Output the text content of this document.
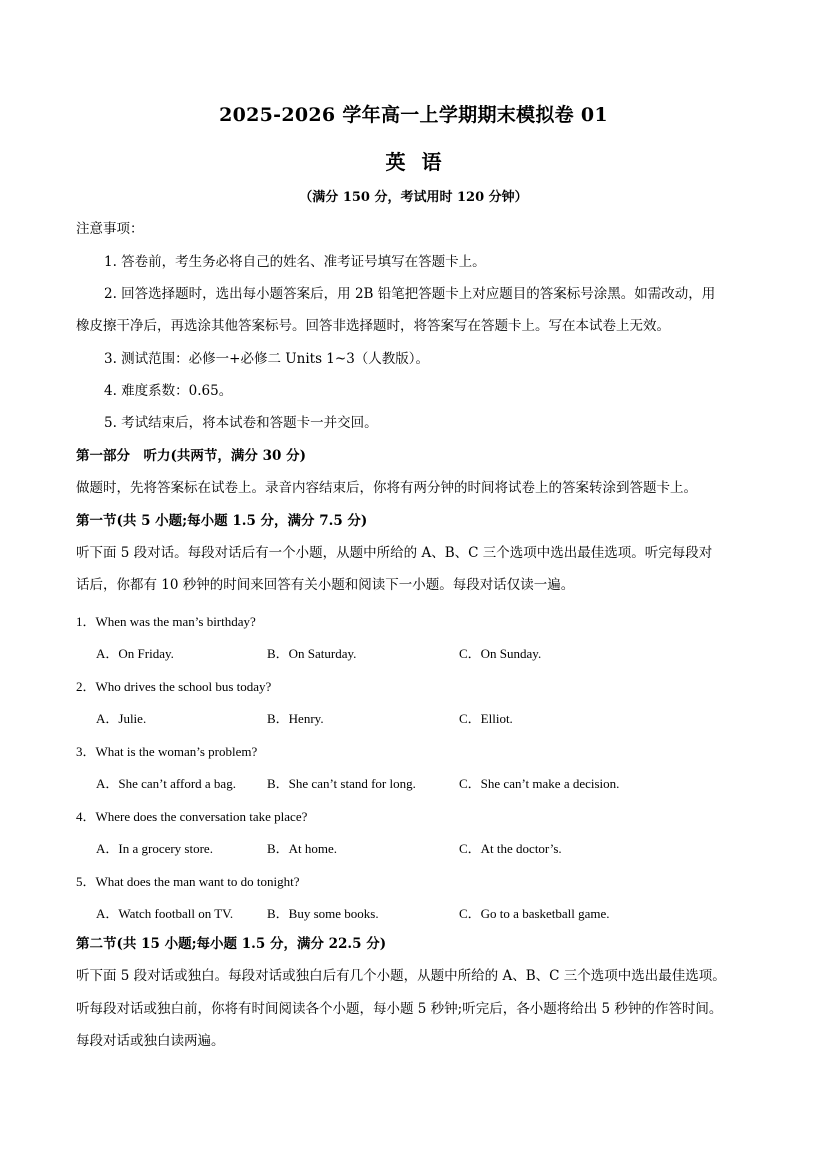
2025-2026 学年高一上学期期末模拟卷 01
英语
（满分 150 分，考试用时 120 分钟）
注意事项：
1. 答卷前，考生务必将自己的姓名、准考证号填写在答题卡上。
2. 回答选择题时，选出每小题答案后，用 2B 铅笔把答题卡上对应题目的答案标号涂黑。如需改动，用
橡皮擦干净后，再选涂其他答案标号。回答非选择题时，将答案写在答题卡上。写在本试卷上无效。
3. 测试范围：必修一+必修二 Units 1~3（人教版）。
4. 难度系数：0.65。
5. 考试结束后，将本试卷和答题卡一并交回。
第一部分　听力(共两节，满分 30 分)
做题时，先将答案标在试卷上。录音内容结束后，你将有两分钟的时间将试卷上的答案转涂到答题卡上。
第一节(共 5 小题;每小题 1.5 分，满分 7.5 分)
听下面 5 段对话。每段对话后有一个小题，从题中所给的 A、B、C 三个选项中选出最佳选项。听完每段对
话后，你都有 10 秒钟的时间来回答有关小题和阅读下一小题。每段对话仅读一遍。
1．When was the man’s birthday?
A．On Friday.	B．On Saturday.	C．On Sunday.
2．Who drives the school bus today?
A．Julie.	B．Henry.	C．Elliot.
3．What is the woman’s problem?
A．She can’t afford a bag. B．She can’t stand for long.	C．She can’t make a decision.
4．Where does the conversation take place?
A．In a grocery store.	B．At home.	C．At the doctor’s.
5．What does the man want to do tonight?
A．Watch football on TV.	B．Buy some books.	C．Go to a basketball game.
第二节(共 15 小题;每小题 1.5 分，满分 22.5 分)
听下面 5 段对话或独白。每段对话或独白后有几个小题，从题中所给的 A、B、C 三个选项中选出最佳选项。
听每段对话或独白前，你将有时间阅读各个小题，每小题 5 秒钟;听完后，各小题将给出 5 秒钟的作答时间。
每段对话或独白读两遍。
